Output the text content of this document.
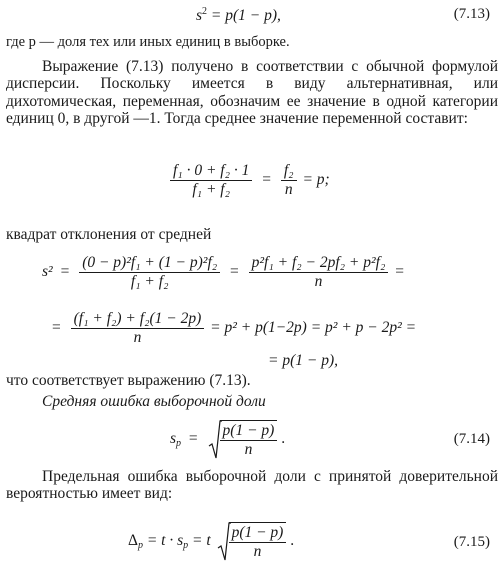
$s^2 = p(1 - p)$,	(7.13)
где p — доля тех или иных единиц в выборке.
Выражение (7.13) получено в соответствии с обычной формулой дисперсии. Поскольку имеется в виду альтернативная, или дихотомическая, переменная, обозначим ее значение в одной категории единиц 0, в другой —1. Тогда среднее значение переменной составит:
$\frac{\text{f₁ · 0 + f₂ · 1}}{\text{f₁ + f₂}} = \frac{\text{f₂}}{n} = p$;
квадрат отклонения от средней
$s^2 = \frac{\text{(0 − p)²f₁ + (1 − p)²f₂}}{\text{f₁ + f₂}} = \frac{\text{p²f₁ + f₂ − 2pf₂ + p²f₂}}{n}$ =
= $\frac{\text{(f₁ + f₂) + f₂(1 − 2p)}}{n} = p^2 + p(1-2p) = p^2 + p - 2p^2$ =
= p(1 − p),
что соответствует выражению (7.13).
Средняя ошибка выборочной доли
$s_p = \frac{p(1 - p)}{n}$ .	(7.14)
Предельная ошибка выборочной доли с принятой доверительной вероятностью имеет вид:
$\Delta_p = t \cdot s_p = t \frac{p(1 - p)}{n}$ .	(7.15)
